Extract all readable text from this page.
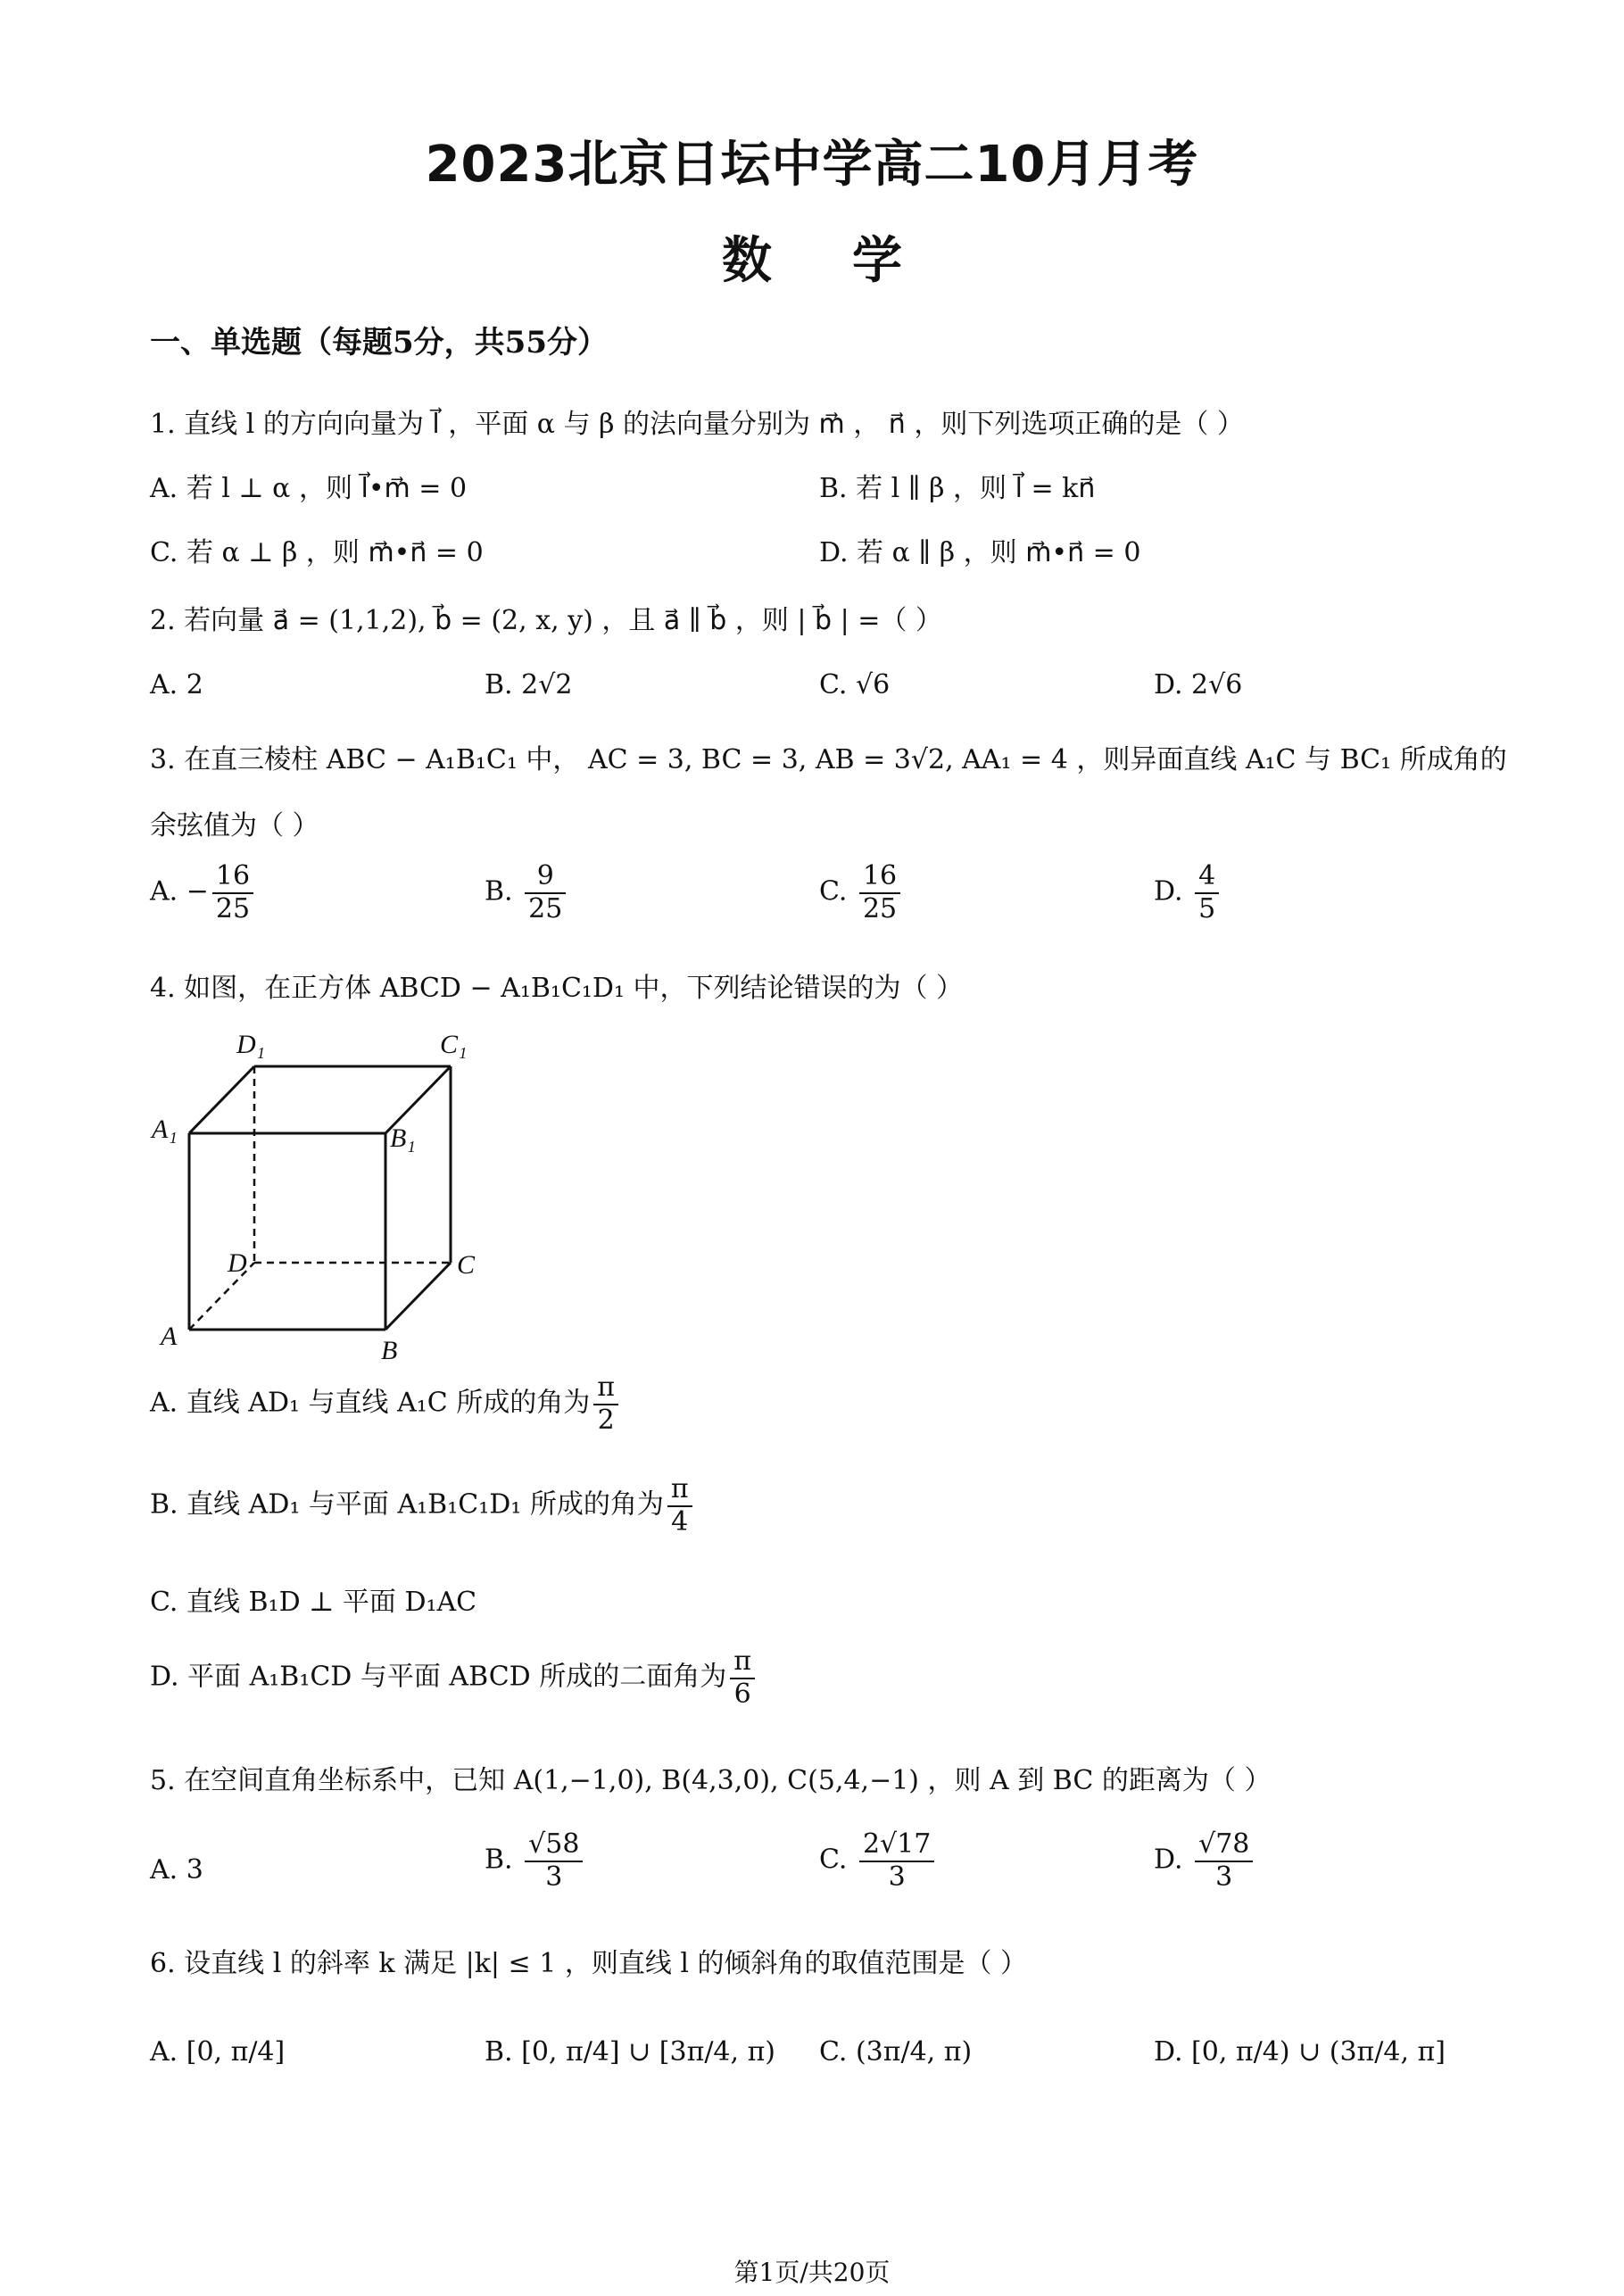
2023北京日坛中学高二10月月考
数学
一、单选题（每题5分，共55分）
1. 直线 l 的方向向量为 l⃗ ，平面 α 与 β 的法向量分别为 m⃗ ， n⃗ ，则下列选项正确的是（ ）
A. 若 l ⊥ α ，则 l⃗•m⃗ = 0	B. 若 l ∥ β ，则 l⃗ = kn⃗
C. 若 α ⊥ β ，则 m⃗•n⃗ = 0	D. 若 α ∥ β ，则 m⃗•n⃗ = 0
2. 若向量 a⃗ = (1,1,2), b⃗ = (2, x, y) ，且 a⃗ ∥ b⃗ ，则 | b⃗ | =（ ）
A. 2	B. 2√2	C. √6	D. 2√6
3. 在直三棱柱 ABC − A₁B₁C₁ 中， AC = 3, BC = 3, AB = 3√2, AA₁ = 4 ，则异面直线 A₁C 与 BC₁ 所成角的
余弦值为（ ）
A. − $\frac{16}{25}$	B. $\frac{9}{25}$	C. $\frac{16}{25}$	D. $\frac{4}{5}$
4. 如图，在正方体 ABCD − A₁B₁C₁D₁ 中，下列结论错误的为（ ）
D₁	C₁
A₁	B₁
D	C
A	B
A. 直线 AD₁ 与直线 A₁C 所成的角为 $\frac{\pi}{2}$
B. 直线 AD₁ 与平面 A₁B₁C₁D₁ 所成的角为 $\frac{\pi}{4}$
C. 直线 B₁D ⊥ 平面 D₁AC
D. 平面 A₁B₁CD 与平面 ABCD 所成的二面角为 $\frac{\pi}{6}$
5. 在空间直角坐标系中，已知 A(1,−1,0), B(4,3,0), C(5,4,−1) ，则 A 到 BC 的距离为（ ）
A. 3	B. $\frac{√58}{3}$	C. $\frac{2√17}{3}$	D. $\frac{√78}{3}$
6. 设直线 l 的斜率 k 满足 |k| ≤ 1 ，则直线 l 的倾斜角的取值范围是（ ）
A. [0, π/4]	B. [0, π/4] ∪ [3π/4, π) C. (3π/4, π)	D. [0, π/4) ∪ (3π/4, π]
第1页/共20页
